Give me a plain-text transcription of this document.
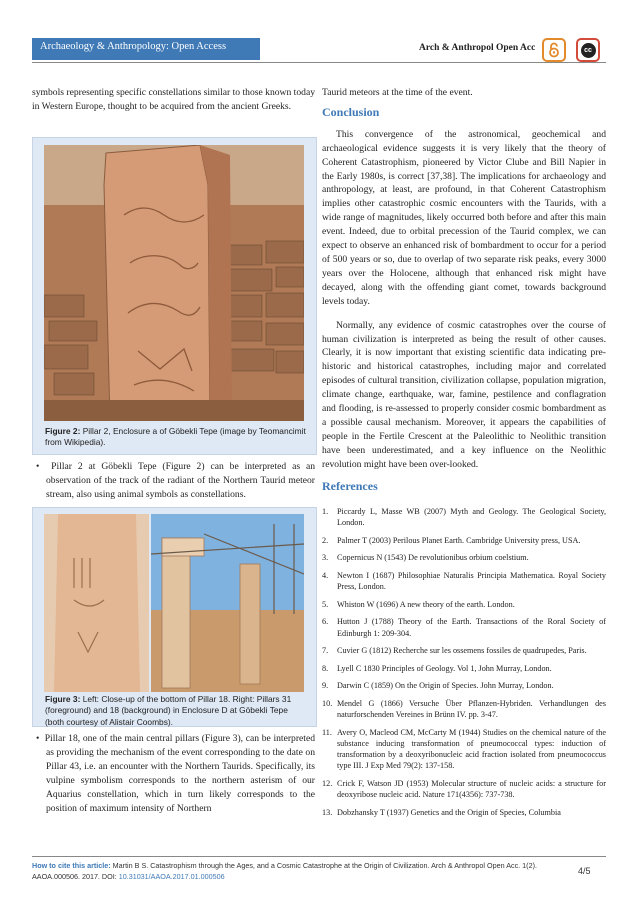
Archaeology & Anthropology: Open Access	Arch & Anthropol Open Acc	cc

symbols representing specific constellations similar to those known today in Western Europe, thought to be acquired from the ancient Greeks.

Figure 2: Pillar 2, Enclosure a of Göbekli Tepe (image by Teomancimit from Wikipedia).

•  Pillar 2 at Göbekli Tepe (Figure 2) can be interpreted as an observation of the track of the radiant of the Northern Taurid meteor stream, also using animal symbols as constellations.

Figure 3: Left: Close-up of the bottom of Pillar 18. Right: Pillars 31 (foreground) and 18 (background) in Enclosure D at Göbekli Tepe (both courtesy of Alistair Coombs).

•  Pillar 18, one of the main central pillars (Figure 3), can be interpreted as providing the mechanism of the event corresponding to the date on Pillar 43, i.e. an encounter with the Northern Taurids. Specifically, its vulpine symbolism corresponds to the northern asterism of our Aquarius constellation, which in turn likely corresponds to the position of maximum intensity of Northern

Taurid meteors at the time of the event.

Conclusion

This convergence of the astronomical, geochemical and archaeological evidence suggests it is very likely that the theory of Coherent Catastrophism, pioneered by Victor Clube and Bill Napier in the Early 1980s, is correct [37,38]. The implications for archaeology and anthropology, at least, are profound, in that Coherent Catastrophism implies other catastrophic cosmic encounters with the Taurids, with a wide range of magnitudes, likely occurred both before and after this main event. Indeed, due to orbital precession of the Taurid complex, we can expect to observe an enhanced risk of bombardment to occur for a period of 500 years or so, due to overlap of two separate risk peaks, every 3000 years over the Holocene, although that enhanced risk might have decayed, along with the offending giant comet, towards background levels today.

Normally, any evidence of cosmic catastrophes over the course of human civilization is interpreted as being the result of other causes. Clearly, it is now important that existing scientific data indicating pre-historic and historical catastrophes, including major and correlated episodes of cultural transition, civilization collapse, population migration, climate change, earthquake, war, famine, pestilence and conflagration and flooding, is re-assessed to properly consider cosmic bombardment as a possible causal mechanism. Moreover, it appears the capabilities of people in the Fertile Crescent at the Paleolithic to Neolithic transition have been underestimated, and a key influence on the Neolithic revolution might have been over-looked.

References

1. Piccardy L, Masse WB (2007) Myth and Geology. The Geological Society, London.
2. Palmer T (2003) Perilous Planet Earth. Cambridge University press, USA.
3. Copernicus N (1543) De revolutionibus orbium coelstium.
4. Newton I (1687) Philosophiae Naturalis Principia Mathematica. Royal Society Press, London.
5. Whiston W (1696) A new theory of the earth. London.
6. Hutton J (1788) Theory of the Earth. Transactions of the Roral Society of Edinburgh 1: 209-304.
7. Cuvier G (1812) Recherche sur les ossemens fossiles de quadrupedes, Paris.
8. Lyell C 1830 Principles of Geology. Vol 1, John Murray, London.
9. Darwin C (1859) On the Origin of Species. John Murray, London.
10. Mendel G (1866) Versuche Über Pflanzen-Hybriden. Verhandlungen des naturforschenden Vereines in Brünn IV. pp. 3-47.
11. Avery O, Macleod CM, McCarty M (1944) Studies on the chemical nature of the substance inducing transformation of pneumococcal types: induction of transformation by a deoxyribonucleic acid fraction isolated from pneumococcus type III. J Exp Med 79(2): 137-158.
12. Crick F, Watson JD (1953) Molecular structure of nucleic acids: a structure for deoxyribose nucleic acid. Nature 171(4356): 737-738.
13. Dobzhansky T (1937) Genetics and the Origin of Species, Columbia
How to cite this article: Martin B S. Catastrophism through the Ages, and a Cosmic Catastrophe at the Origin of Civilization. Arch & Anthropol Open Acc. 1(2). AAOA.000506. 2017. DOI: 10.31031/AAOA.2017.01.000506
4/5
